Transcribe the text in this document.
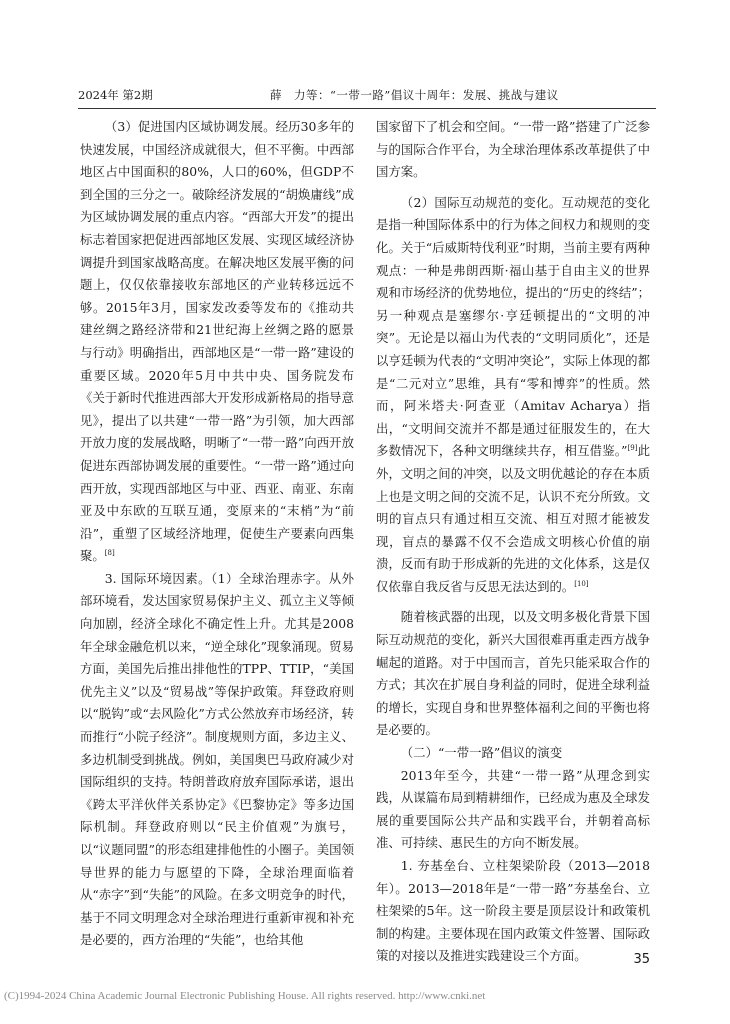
2024年 第2期	薛　力等：“一带一路”倡议十周年：发展、挑战与建议

（3）促进国内区域协调发展。经历30多年的快速发展，中国经济成就很大，但不平衡。中西部地区占中国面积的80%，人口的60%，但GDP不到全国的三分之一。破除经济发展的“胡焕庸线”成为区域协调发展的重点内容。“西部大开发”的提出标志着国家把促进西部地区发展、实现区域经济协调提升到国家战略高度。在解决地区发展平衡的问题上，仅仅依靠接收东部地区的产业转移远远不够。2015年3月，国家发改委等发布的《推动共建丝绸之路经济带和21世纪海上丝绸之路的愿景与行动》明确指出，西部地区是“一带一路”建设的重要区域。2020年5月中共中央、国务院发布《关于新时代推进西部大开发形成新格局的指导意见》，提出了以共建“一带一路”为引领，加大西部开放力度的发展战略，明晰了“一带一路”向西开放促进东西部协调发展的重要性。“一带一路”通过向西开放，实现西部地区与中亚、西亚、南亚、东南亚及中东欧的互联互通，变原来的“末梢”为“前沿”，重塑了区域经济地理，促使生产要素向西集聚。[8]

3. 国际环境因素。（1）全球治理赤字。从外部环境看，发达国家贸易保护主义、孤立主义等倾向加剧，经济全球化不确定性上升。尤其是2008年全球金融危机以来，“逆全球化”现象涌现。贸易方面，美国先后推出排他性的TPP、TTIP，“美国优先主义”以及“贸易战”等保护政策。拜登政府则以“脱钩”或“去风险化”方式公然放弃市场经济，转而推行“小院子经济”。制度规则方面，多边主义、多边机制受到挑战。例如，美国奥巴马政府减少对国际组织的支持。特朗普政府放弃国际承诺，退出《跨太平洋伙伴关系协定》《巴黎协定》等多边国际机制。拜登政府则以“民主价值观”为旗号，以“议题同盟”的形态组建排他性的小圈子。美国领导世界的能力与愿望的下降，全球治理面临着从“赤字”到“失能”的风险。在多文明竞争的时代，基于不同文明理念对全球治理进行重新审视和补充是必要的，西方治理的“失能”，也给其他

国家留下了机会和空间。“一带一路”搭建了广泛参与的国际合作平台，为全球治理体系改革提供了中国方案。

（2）国际互动规范的变化。互动规范的变化是指一种国际体系中的行为体之间权力和规则的变化。关于“后威斯特伐利亚”时期，当前主要有两种观点：一种是弗朗西斯·福山基于自由主义的世界观和市场经济的优势地位，提出的“历史的终结”；另一种观点是塞缪尔·亨廷顿提出的“文明的冲突”。无论是以福山为代表的“文明同质化”，还是以亨廷顿为代表的“文明冲突论”，实际上体现的都是“二元对立”思维，具有“零和博弈”的性质。然而，阿米塔夫·阿查亚（Amitav Acharya）指出，“文明间交流并不都是通过征服发生的，在大多数情况下，各种文明继续共存，相互借鉴。”[9]此外，文明之间的冲突，以及文明优越论的存在本质上也是文明之间的交流不足，认识不充分所致。文明的盲点只有通过相互交流、相互对照才能被发现，盲点的暴露不仅不会造成文明核心价值的崩溃，反而有助于形成新的先进的文化体系，这是仅仅依靠自我反省与反思无法达到的。[10]

随着核武器的出现，以及文明多极化背景下国际互动规范的变化，新兴大国很难再重走西方战争崛起的道路。对于中国而言，首先只能采取合作的方式；其次在扩展自身利益的同时，促进全球利益的增长，实现自身和世界整体福利之间的平衡也将是必要的。

（二）“一带一路”倡议的演变

2013年至今，共建“一带一路”从理念到实践，从谋篇布局到精耕细作，已经成为惠及全球发展的重要国际公共产品和实践平台，并朝着高标准、可持续、惠民生的方向不断发展。

1. 夯基垒台、立柱架梁阶段（2013—2018年）。2013—2018年是“一带一路”夯基垒台、立柱架梁的5年。这一阶段主要是顶层设计和政策机制的构建。主要体现在国内政策文件签署、国际政策的对接以及推进实践建设三个方面。	35
(C)1994-2024 China Academic Journal Electronic Publishing House. All rights reserved. http://www.cnki.net
